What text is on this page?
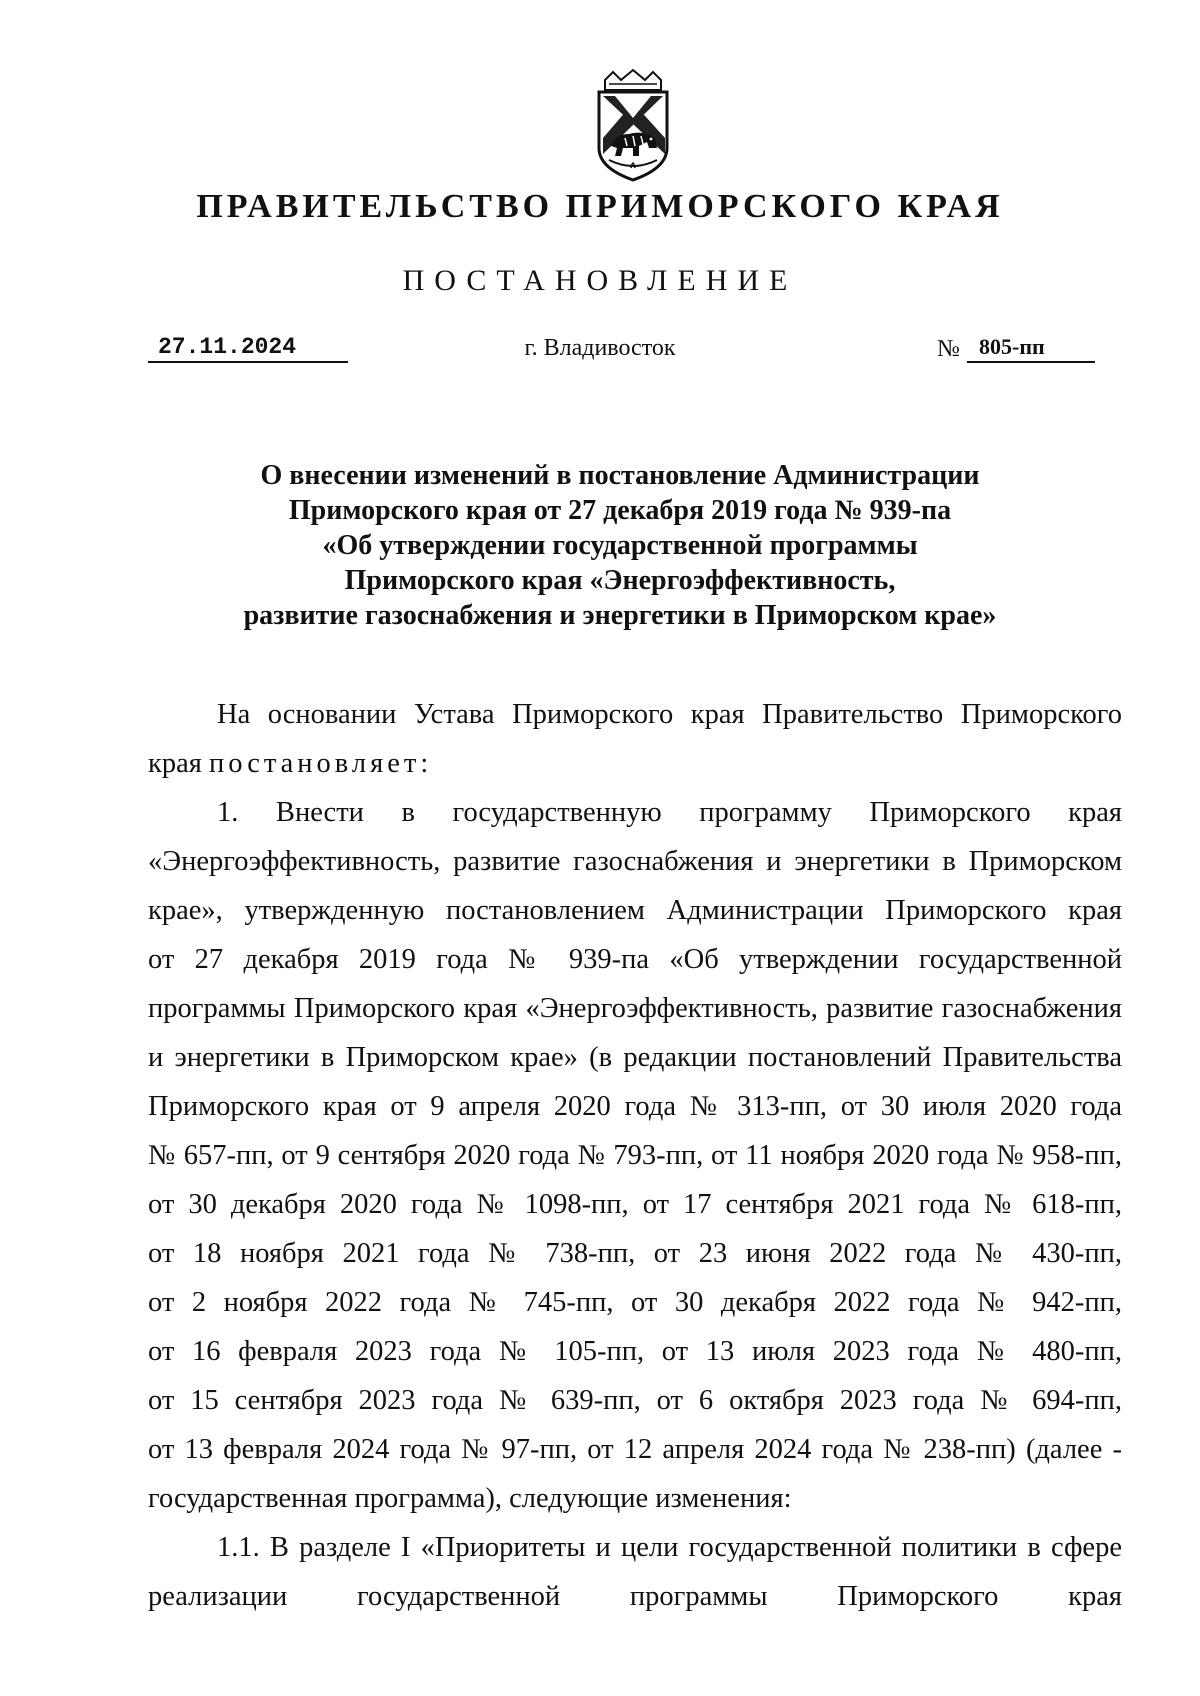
ПРАВИТЕЛЬСТВО ПРИМОРСКОГО КРАЯ
ПОСТАНОВЛЕНИЕ
27.11.2024	г. Владивосток	№ 805-пп
О внесении изменений в постановление Администрации
Приморского края от 27 декабря 2019 года № 939-па
«Об утверждении государственной программы
Приморского края «Энергоэффективность,
развитие газоснабжения и энергетики в Приморском крае»
На основании Устава Приморского края Правительство Приморского
края постановляет:
1. Внести в государственную программу Приморского края
«Энергоэффективность, развитие газоснабжения и энергетики в Приморском
крае», утвержденную постановлением Администрации Приморского края
от 27 декабря 2019 года № 939-па «Об утверждении государственной
программы Приморского края «Энергоэффективность, развитие газоснабжения
и энергетики в Приморском крае» (в редакции постановлений Правительства
Приморского края от 9 апреля 2020 года № 313-пп, от 30 июля 2020 года
№ 657-пп, от 9 сентября 2020 года № 793-пп, от 11 ноября 2020 года № 958-пп,
от 30 декабря 2020 года № 1098-пп, от 17 сентября 2021 года № 618-пп,
от 18 ноября 2021 года № 738-пп, от 23 июня 2022 года № 430-пп,
от 2 ноября 2022 года № 745-пп, от 30 декабря 2022 года № 942-пп,
от 16 февраля 2023 года № 105-пп, от 13 июля 2023 года № 480-пп,
от 15 сентября 2023 года № 639-пп, от 6 октября 2023 года № 694-пп,
от 13 февраля 2024 года № 97-пп, от 12 апреля 2024 года № 238-пп) (далее -
государственная программа), следующие изменения:
1.1. В разделе I «Приоритеты и цели государственной политики в сфере
реализации государственной программы Приморского края
